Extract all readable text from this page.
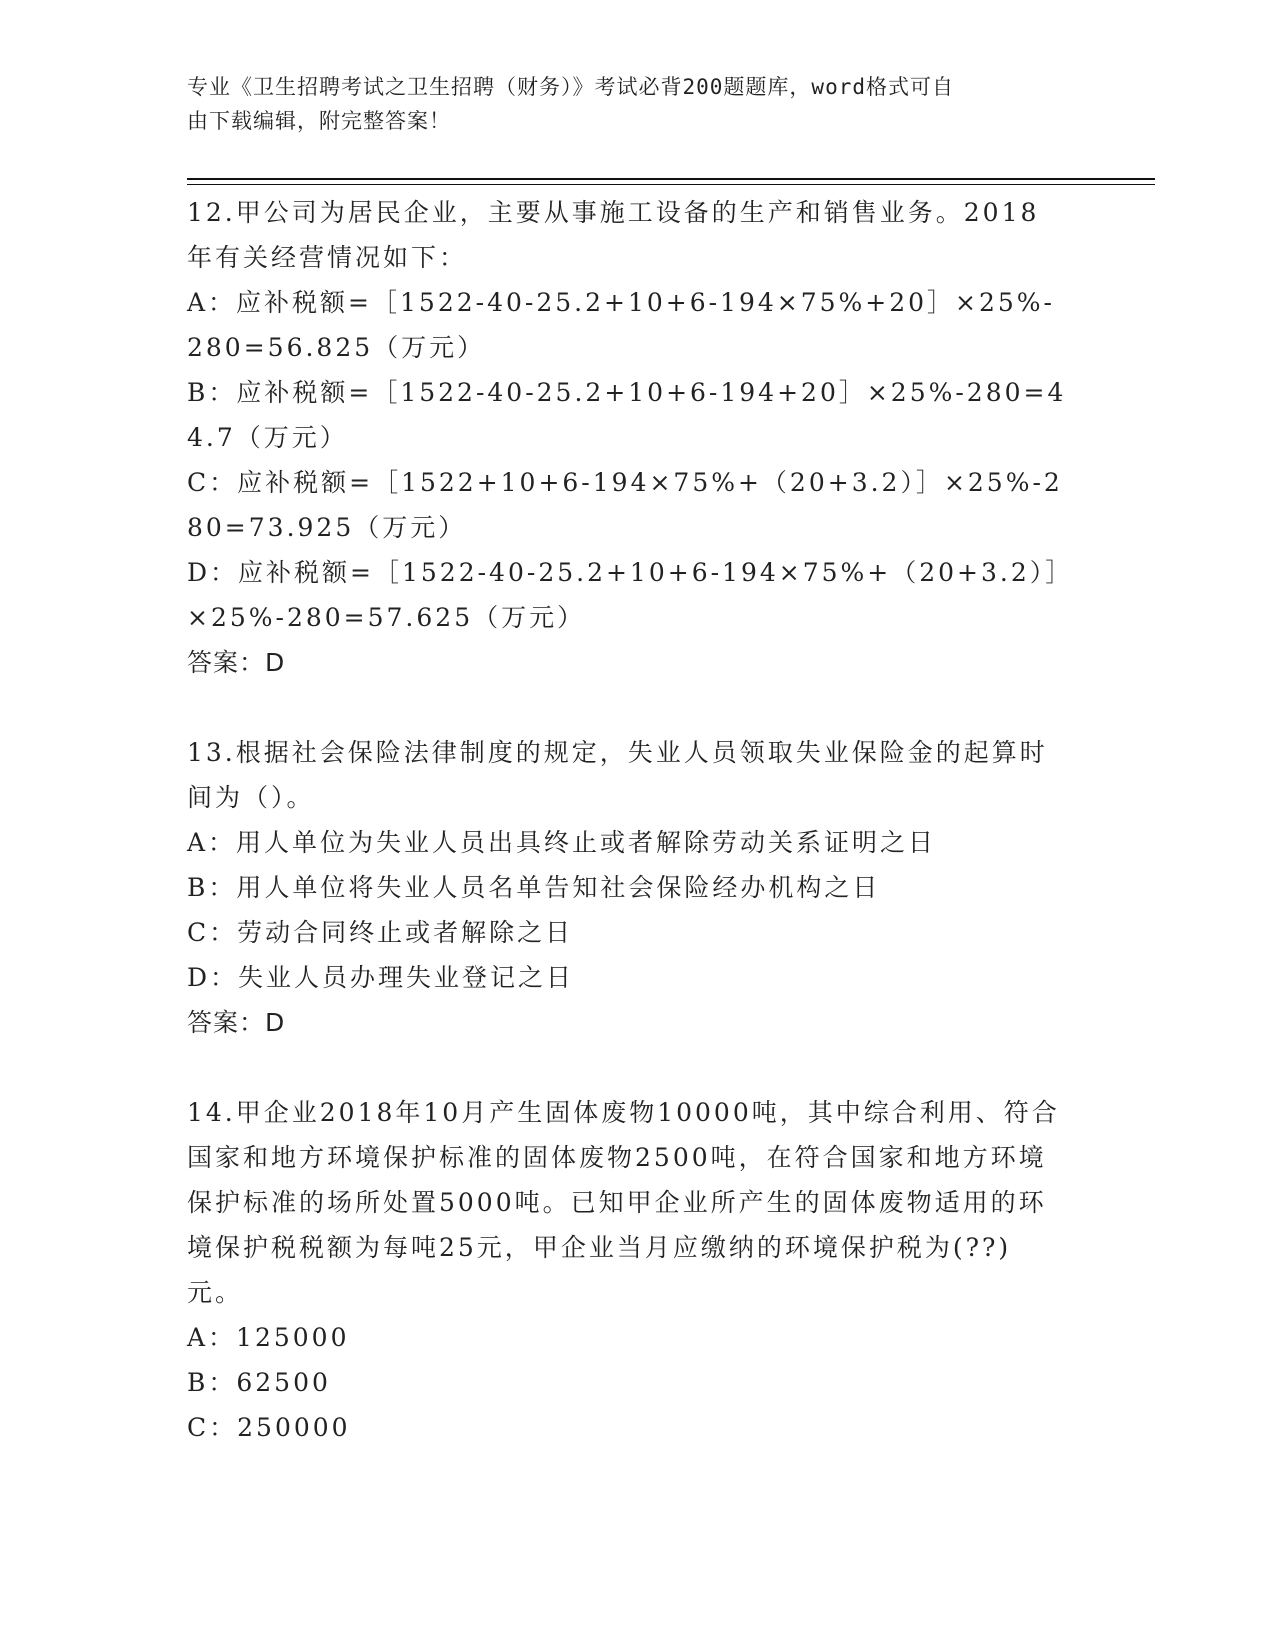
专业《卫生招聘考试之卫生招聘（财务）》考试必背200题题库，word格式可自
由下载编辑，附完整答案！

12.甲公司为居民企业，主要从事施工设备的生产和销售业务。2018年有关经营情况如下：

A：应补税额=［1522-40-25.2+10+6-194×75%+20］×25%-280=56.825（万元）

B：应补税额=［1522-40-25.2+10+6-194+20］×25%-280=44.7（万元）

C：应补税额=［1522+10+6-194×75%+（20+3.2）］×25%-280=73.925（万元）

D：应补税额=［1522-40-25.2+10+6-194×75%+（20+3.2）］×25%-280=57.625（万元）

答案：D

13.根据社会保险法律制度的规定，失业人员领取失业保险金的起算时间为（）。

A：用人单位为失业人员出具终止或者解除劳动关系证明之日

B：用人单位将失业人员名单告知社会保险经办机构之日

C：劳动合同终止或者解除之日

D：失业人员办理失业登记之日

答案：D

14.甲企业2018年10月产生固体废物10000吨，其中综合利用、符合国家和地方环境保护标准的固体废物2500吨，在符合国家和地方环境保护标准的场所处置5000吨。已知甲企业所产生的固体废物适用的环境保护税税额为每吨25元，甲企业当月应缴纳的环境保护税为(??)元。

A：125000

B：62500

C：250000
